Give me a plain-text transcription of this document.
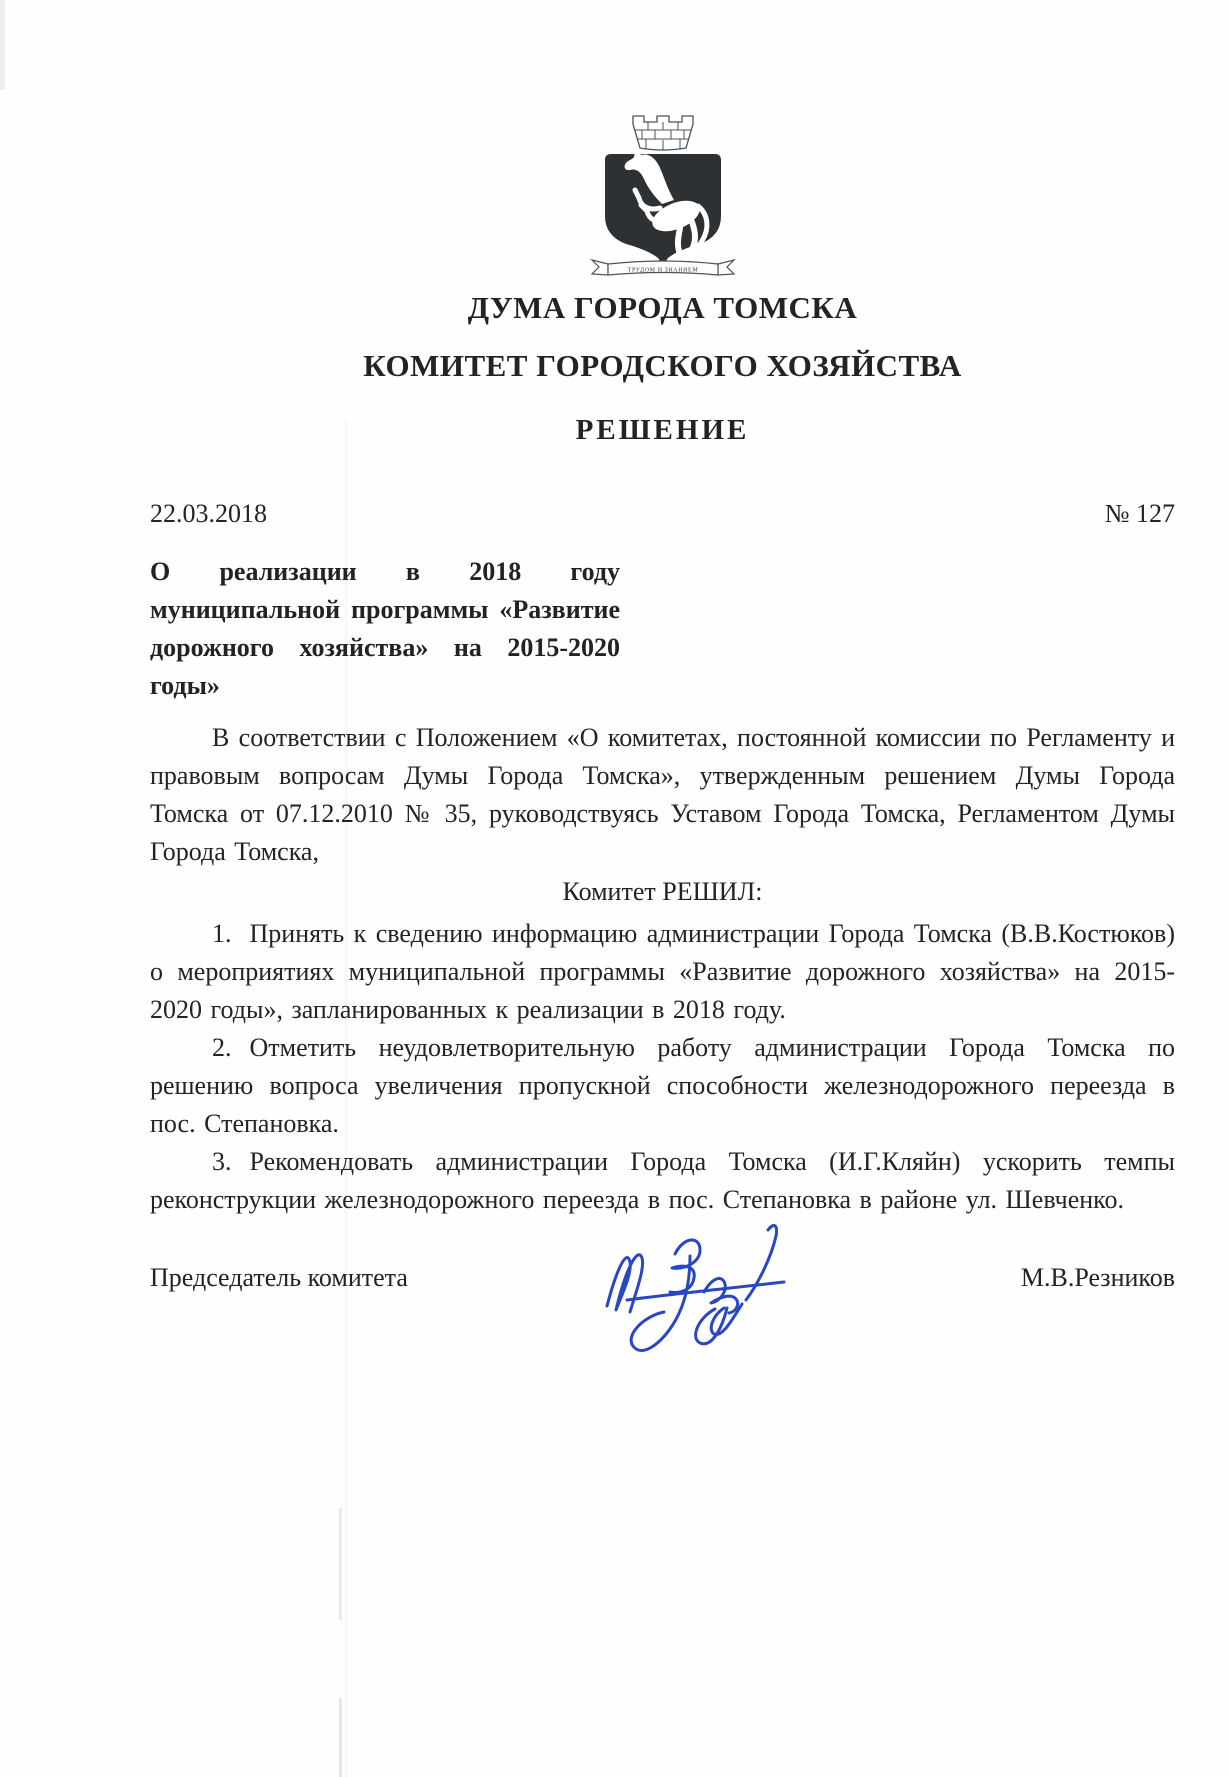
ТРУДОМ И ЗНАНИЕМ
ДУМА ГОРОДА ТОМСКА
КОМИТЕТ ГОРОДСКОГО ХОЗЯЙСТВА
РЕШЕНИЕ
22.03.2018	№ 127

О реализации в 2018 году муниципальной программы «Развитие дорожного хозяйства» на 2015-2020 годы»

В соответствии с Положением «О комитетах, постоянной комиссии по Регламенту и правовым вопросам Думы Города Томска», утвержденным решением Думы Города Томска от 07.12.2010 № 35, руководствуясь Уставом Города Томска, Регламентом Думы Города Томска,

Комитет РЕШИЛ:

1. Принять к сведению информацию администрации Города Томска (В.В.Костюков) о мероприятиях муниципальной программы «Развитие дорожного хозяйства» на 2015-2020 годы», запланированных к реализации в 2018 году.

2. Отметить неудовлетворительную работу администрации Города Томска по решению вопроса увеличения пропускной способности железнодорожного переезда в пос. Степановка.

3. Рекомендовать администрации Города Томска (И.Г.Кляйн) ускорить темпы реконструкции железнодорожного переезда в пос. Степановка в районе ул. Шевченко.

Председатель комитета	М.В.Резников
